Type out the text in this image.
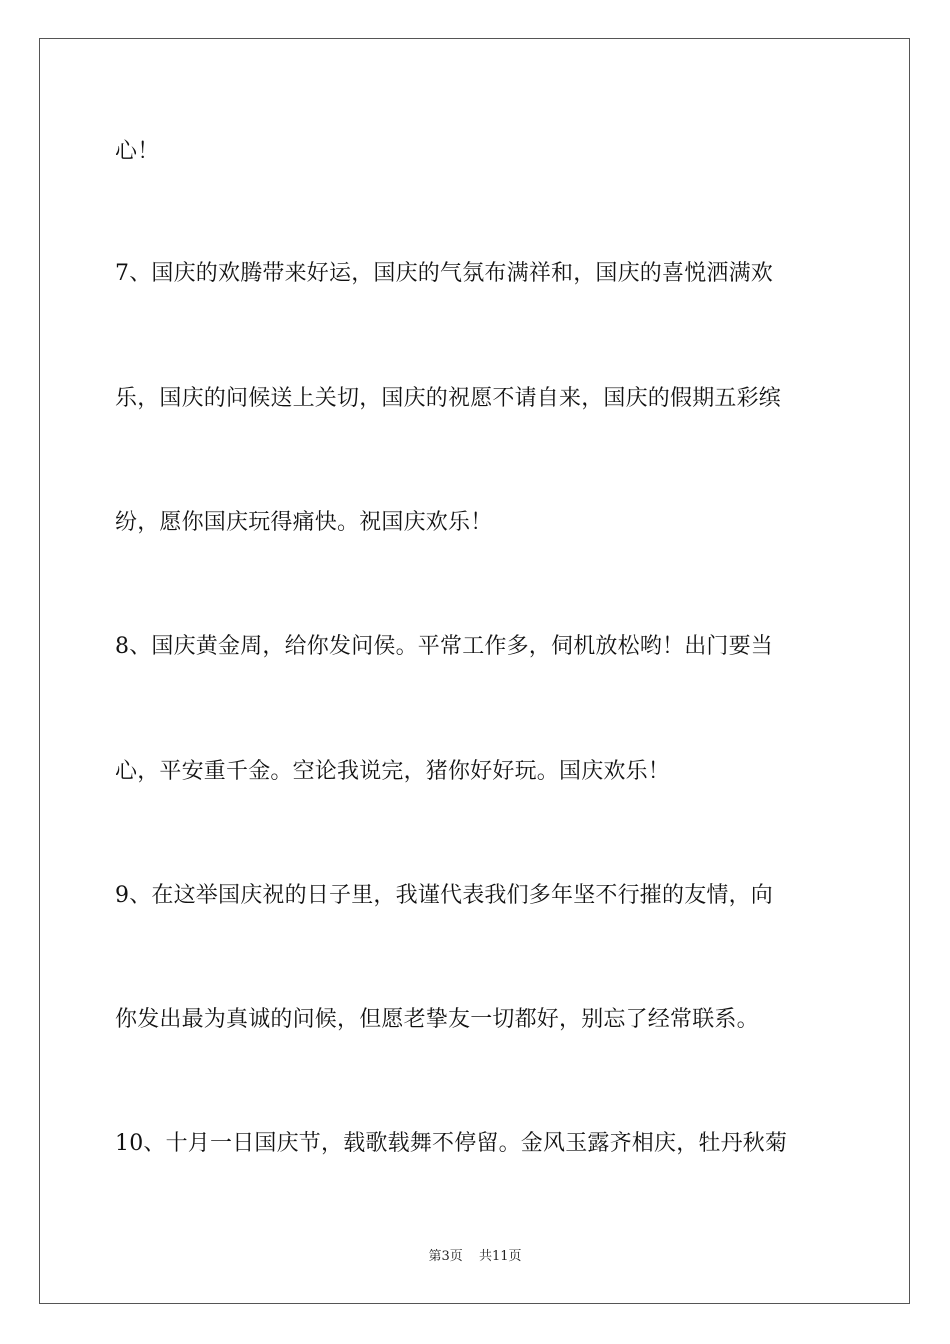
心！
7、国庆的欢腾带来好运，国庆的气氛布满祥和，国庆的喜悦洒满欢
乐，国庆的问候送上关切，国庆的祝愿不请自来，国庆的假期五彩缤
纷，愿你国庆玩得痛快。祝国庆欢乐！
8、国庆黄金周，给你发问侯。平常工作多，伺机放松哟！出门要当
心，平安重千金。空论我说完，猪你好好玩。国庆欢乐！
9、在这举国庆祝的日子里，我谨代表我们多年坚不行摧的友情，向
你发出最为真诚的问候，但愿老挚友一切都好，别忘了经常联系。
10、十月一日国庆节，载歌载舞不停留。金风玉露齐相庆，牡丹秋菊
第3页 共11页
